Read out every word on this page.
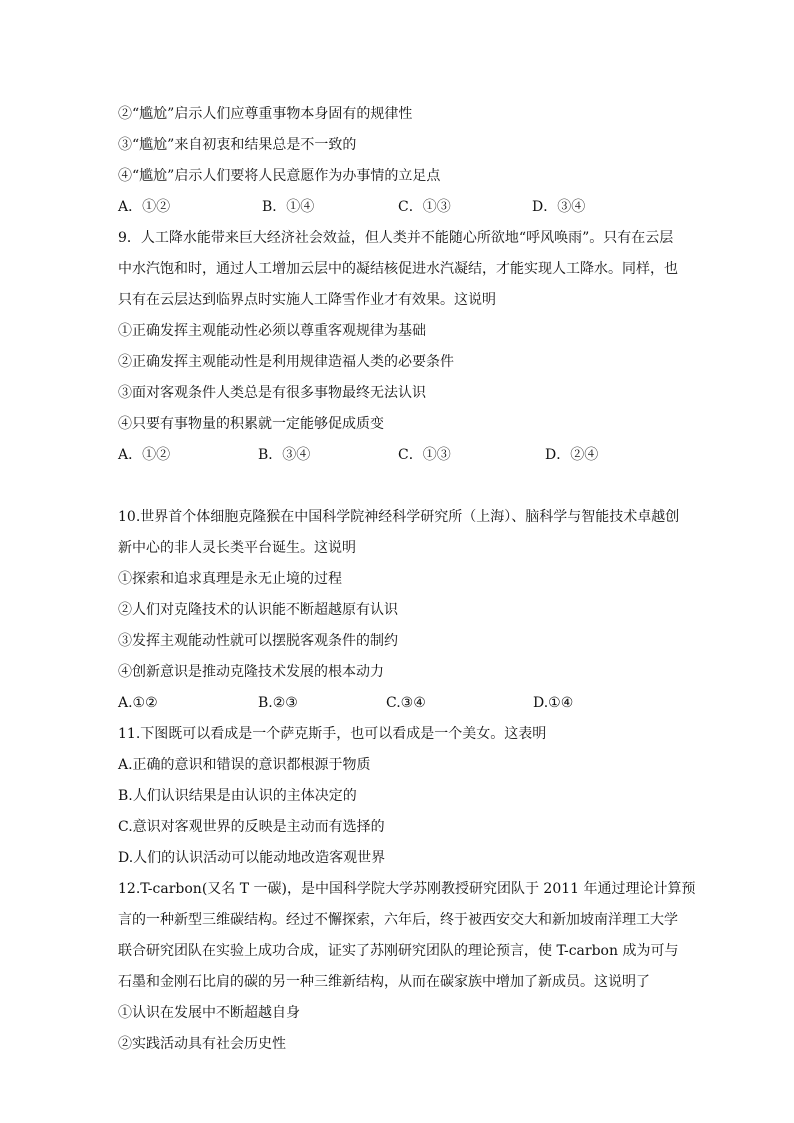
②“尴尬”启示人们应尊重事物本身固有的规律性
③“尴尬”来自初衷和结果总是不一致的
④“尴尬”启示人们要将人民意愿作为办事情的立足点
A．①②	B．①④	C．①③	D．③④
9．人工降水能带来巨大经济社会效益，但人类并不能随心所欲地“呼风唤雨”。只有在云层
中水汽饱和时，通过人工增加云层中的凝结核促进水汽凝结，才能实现人工降水。同样，也
只有在云层达到临界点时实施人工降雪作业才有效果。这说明
①正确发挥主观能动性必须以尊重客观规律为基础
②正确发挥主观能动性是利用规律造福人类的必要条件
③面对客观条件人类总是有很多事物最终无法认识
④只要有事物量的积累就一定能够促成质变
A．①②	B．③④	C．①③	D．②④
10.世界首个体细胞克隆猴在中国科学院神经科学研究所（上海）、脑科学与智能技术卓越创
新中心的非人灵长类平台诞生。这说明
①探索和追求真理是永无止境的过程
②人们对克隆技术的认识能不断超越原有认识
③发挥主观能动性就可以摆脱客观条件的制约
④创新意识是推动克隆技术发展的根本动力
A.①②	B.②③	C.③④	D.①④
11.下图既可以看成是一个萨克斯手，也可以看成是一个美女。这表明
A.正确的意识和错误的意识都根源于物质
B.人们认识结果是由认识的主体决定的
C.意识对客观世界的反映是主动而有选择的
D.人们的认识活动可以能动地改造客观世界
12.T-carbon(又名 T 一碳)，是中国科学院大学苏刚教授研究团队于 2011 年通过理论计算预
言的一种新型三维碳结构。经过不懈探索，六年后，终于被西安交大和新加坡南洋理工大学
联合研究团队在实验上成功合成，证实了苏刚研究团队的理论预言，使 T-carbon 成为可与
石墨和金刚石比肩的碳的另一种三维新结构，从而在碳家族中增加了新成员。这说明了
①认识在发展中不断超越自身
②实践活动具有社会历史性
